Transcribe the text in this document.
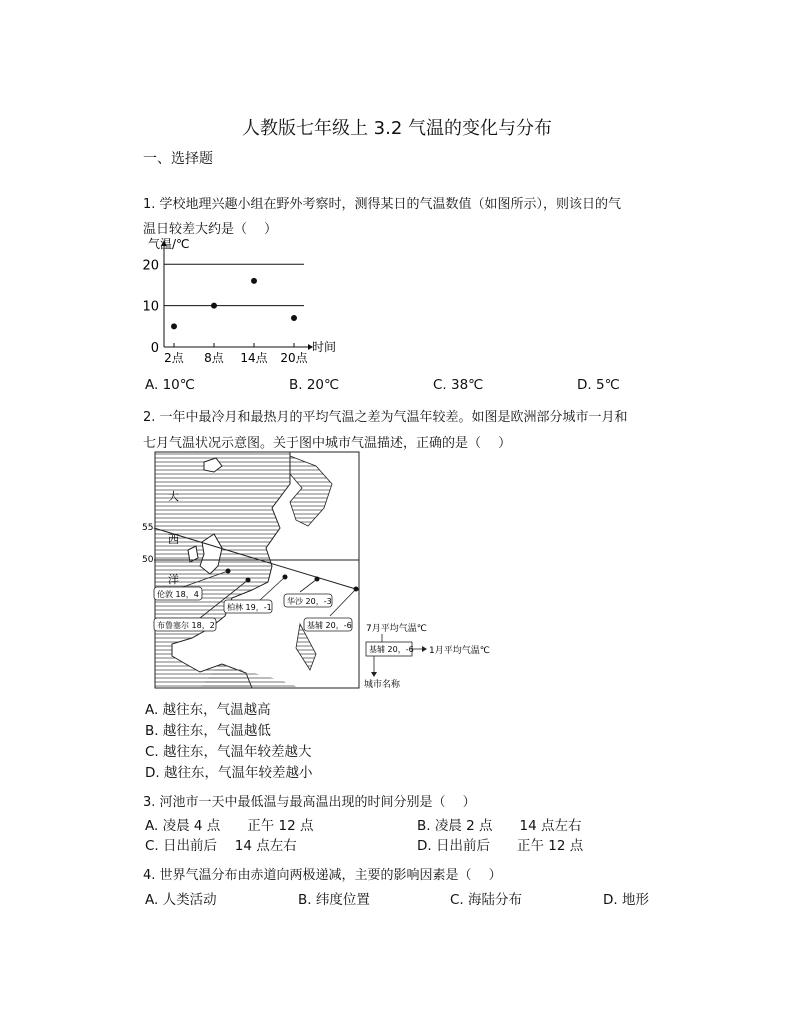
人教版七年级上 3.2 气温的变化与分布
一、选择题
1. 学校地理兴趣小组在野外考察时，测得某日的气温数值（如图所示），则该日的气
温日较差大约是（　 ）
0
10
20
2点 8点 14点 20点
气温/℃
时间
A. 10℃	B. 20℃	C. 38℃	D. 5℃
2. 一年中最冷月和最热月的平均气温之差为气温年较差。如图是欧洲部分城市一月和
七月气温状况示意图。关于图中城市气温描述，正确的是（　 ）
55
50
大
西
洋
伦敦 18，4
布鲁塞尔 18，2
柏林 19，-1
华沙 20，-3
基辅 20，-6 7月平均气温℃
基辅 20，-6 1月平均气温℃
城市名称
A. 越往东，气温越高
B. 越往东，气温越低
C. 越往东，气温年较差越大
D. 越往东，气温年较差越小
3. 河池市一天中最低温与最高温出现的时间分别是（　 ）
A. 凌晨 4 点　　正午 12 点	B. 凌晨 2 点　　14 点左右
C. 日出前后　 14 点左右	D. 日出前后　　正午 12 点
4. 世界气温分布由赤道向两极递减，主要的影响因素是（　 ）
A. 人类活动	B. 纬度位置	C. 海陆分布	D. 地形
